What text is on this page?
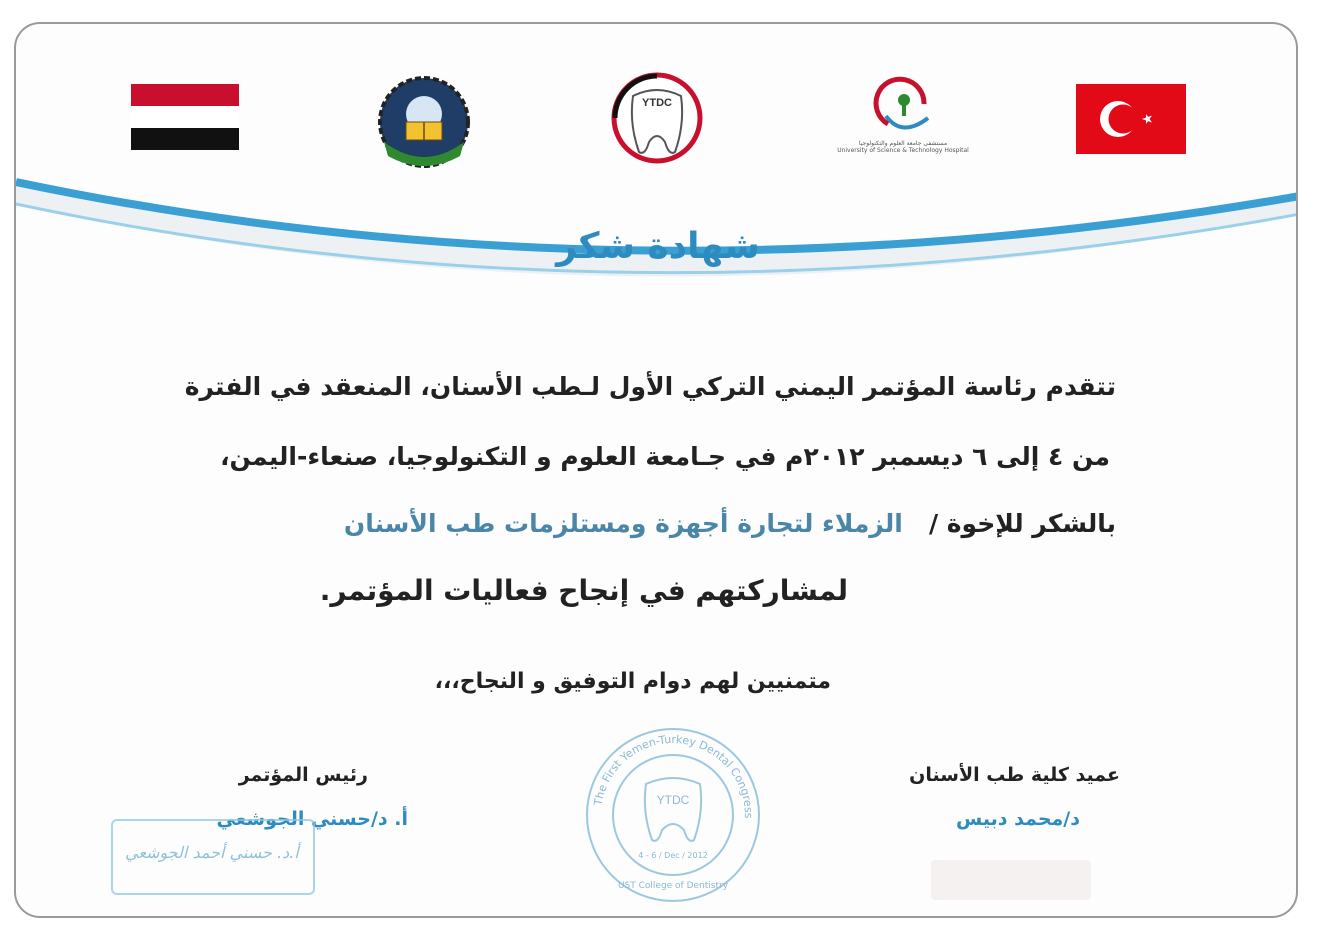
YTDC
مستشفى جامعة العلوم والتكنولوجيا
University of Science & Technology Hospital
شهادة شكر
تتقدم رئاسة المؤتمر اليمني التركي الأول لـطب الأسنان، المنعقد في الفترة
من ٤ إلى ٦ ديسمبر ٢٠١٢م في جـامعة العلوم و التكنولوجيا، صنعاء-اليمن،
بالشكر للإخوة /   الزملاء لتجارة أجهزة ومستلزمات طب الأسنان
لمشاركتهم في إنجاح فعاليات المؤتمر.
متمنيين لهم دوام التوفيق و النجاح،،،
عميد كلية طب الأسنان
د/محمد دبيس
رئيس المؤتمر
أ. د/حسني الجوشعي
أ.د. حسني أحمد الجوشعي
The First Yemen-Turkey Dental Congress
YTDC
4 - 6 / Dec / 2012
UST College of Dentistry
